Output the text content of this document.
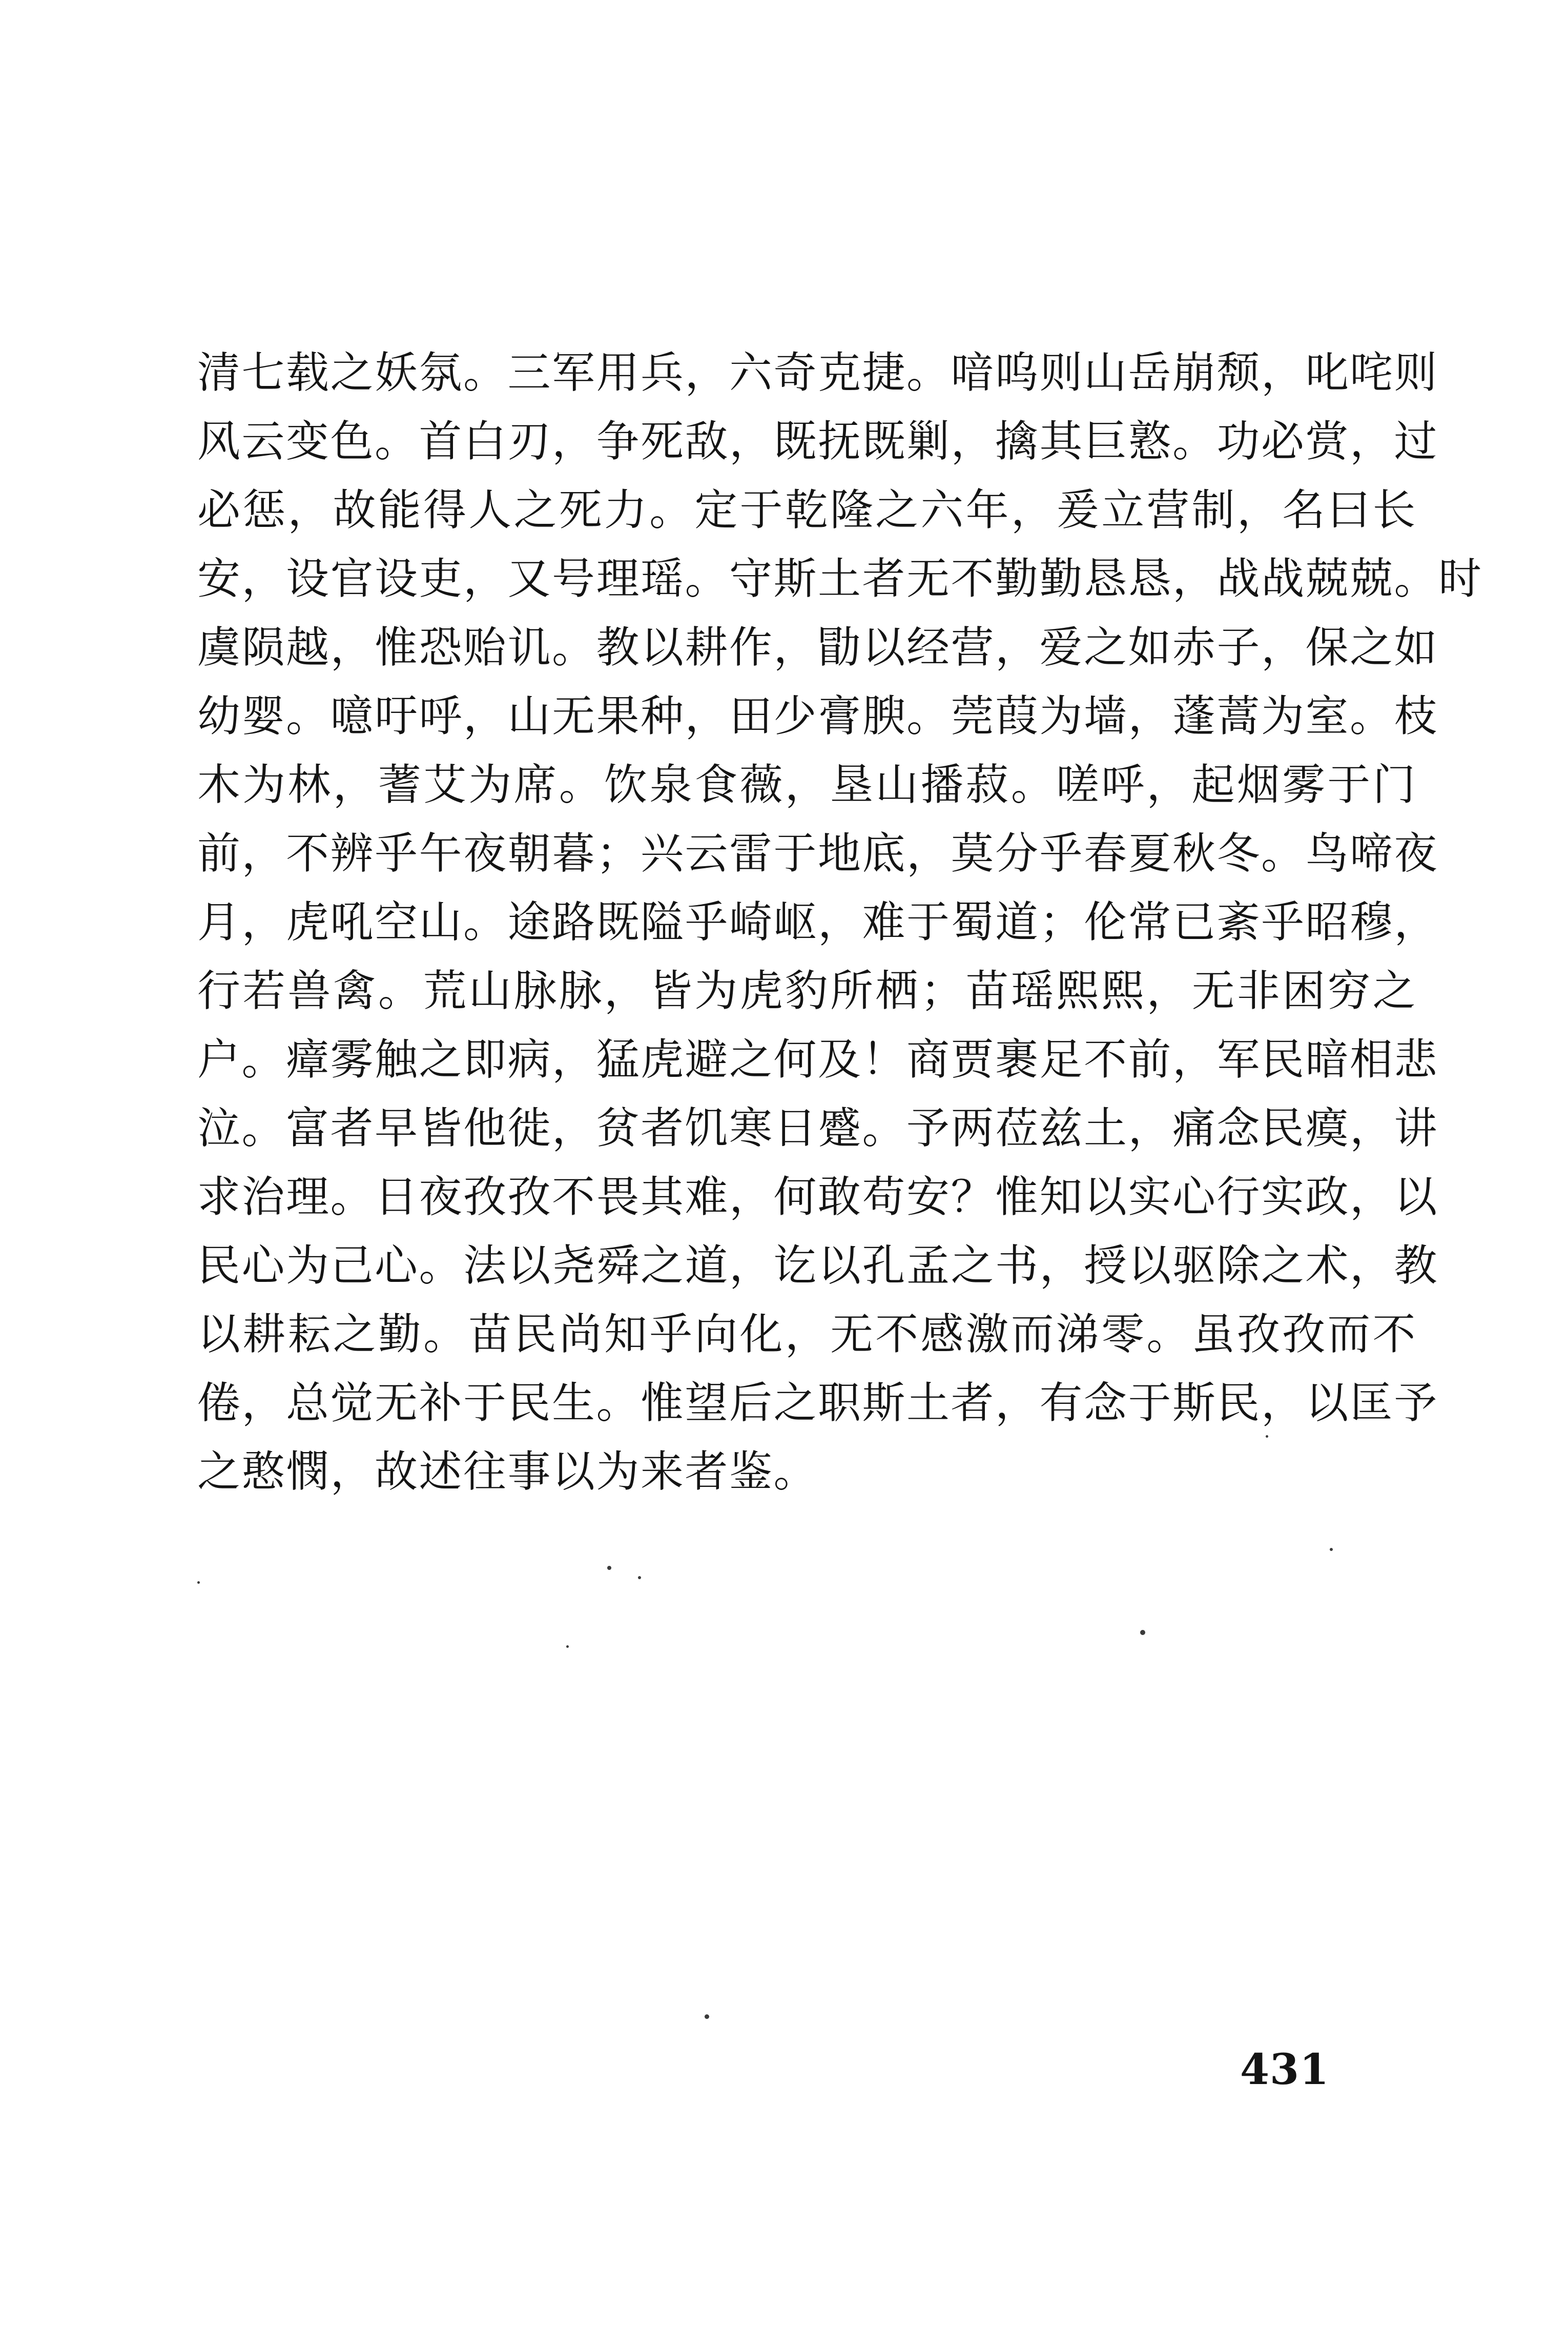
清七载之妖氛。三军用兵，六奇克捷。喑呜则山岳崩颓，叱咤则
风云变色。首白刃，争死敌，既抚既剿，擒其巨憝。功必赏，过
必惩，故能得人之死力。定于乾隆之六年，爰立营制，名曰长
安，设官设吏，又号理瑶。守斯土者无不勤勤恳恳，战战兢兢。时
虞陨越，惟恐贻讥。教以耕作，勖以经营，爱之如赤子，保之如
幼婴。噫吁呼，山无果种，田少膏腴。莞葭为墙，蓬蒿为室。枝
木为林，蓍艾为席。饮泉食薇，垦山播菽。嗟呼，起烟雾于门
前，不辨乎午夜朝暮；兴云雷于地底，莫分乎春夏秋冬。鸟啼夜
月，虎吼空山。途路既隘乎崎岖，难于蜀道；伦常已紊乎昭穆，
行若兽禽。荒山脉脉，皆为虎豹所栖；苗瑶熙熙，无非困穷之
户。瘴雾触之即病，猛虎避之何及！商贾裹足不前，军民暗相悲
泣。富者早皆他徙，贫者饥寒日蹙。予两莅兹土，痛念民瘼，讲
求治理。日夜孜孜不畏其难，何敢苟安？惟知以实心行实政，以
民心为己心。法以尧舜之道，讫以孔孟之书，授以驱除之术，教
以耕耘之勤。苗民尚知乎向化，无不感激而涕零。虽孜孜而不
倦，总觉无补于民生。惟望后之职斯土者，有念于斯民，以匡予
之憨憫，故述往事以为来者鉴。
431
